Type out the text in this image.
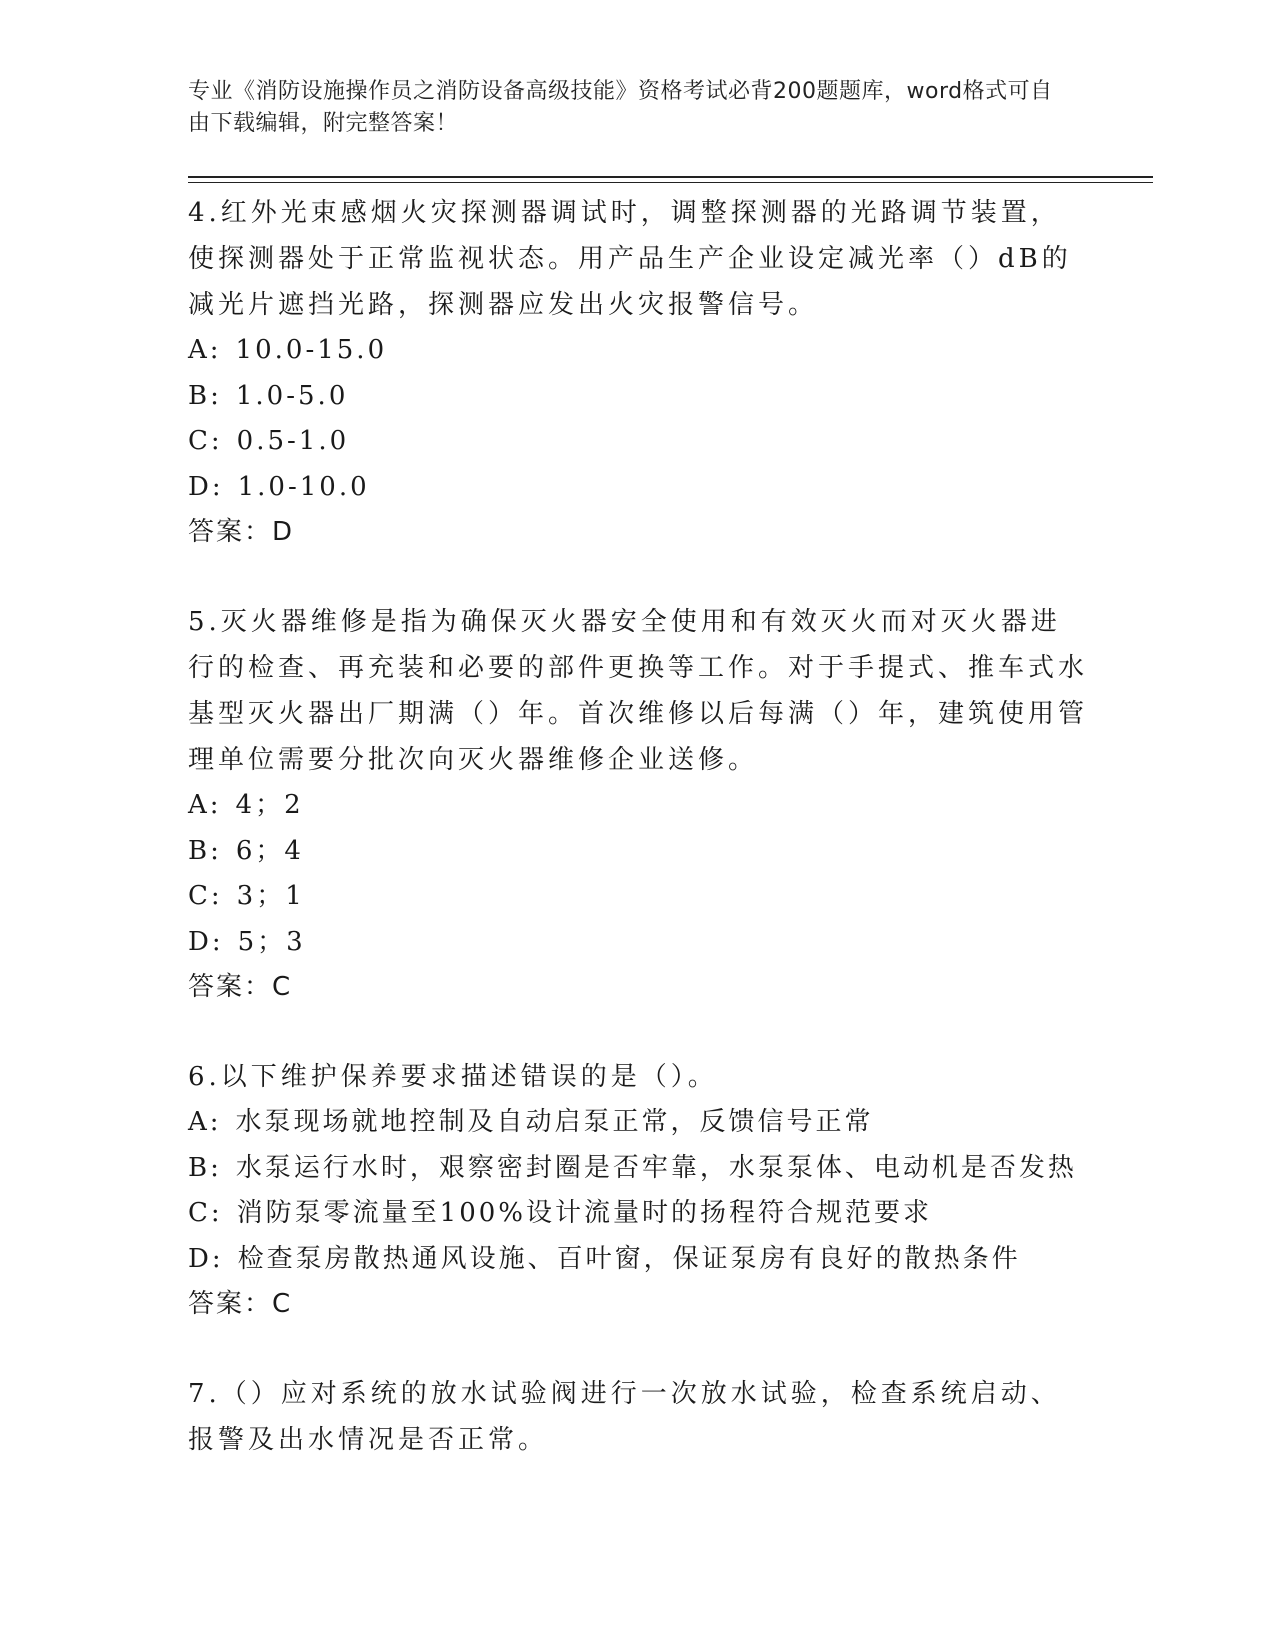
专业《消防设施操作员之消防设备高级技能》资格考试必背200题题库，word格式可自由下载编辑，附完整答案！

4.红外光束感烟火灾探测器调试时，调整探测器的光路调节装置，使探测器处于正常监视状态。用产品生产企业设定减光率（）dB的减光片遮挡光路，探测器应发出火灾报警信号。

A: 10.0-15.0

B: 1.0-5.0

C: 0.5-1.0

D: 1.0-10.0

答案：D

5.灭火器维修是指为确保灭火器安全使用和有效灭火而对灭火器进行的检查、再充装和必要的部件更换等工作。对于手提式、推车式水基型灭火器出厂期满（）年。首次维修以后每满（）年，建筑使用管理单位需要分批次向灭火器维修企业送修。

A: 4；2

B: 6；4

C: 3；1

D: 5；3

答案：C

6.以下维护保养要求描述错误的是（）。

A: 水泵现场就地控制及自动启泵正常，反馈信号正常

B: 水泵运行水时，艰察密封圈是否牢靠，水泵泵体、电动机是否发热

C: 消防泵零流量至100%设计流量时的扬程符合规范要求

D: 检查泵房散热通风设施、百叶窗，保证泵房有良好的散热条件

答案：C

7.（）应对系统的放水试验阀进行一次放水试验，检查系统启动、报警及出水情况是否正常。
